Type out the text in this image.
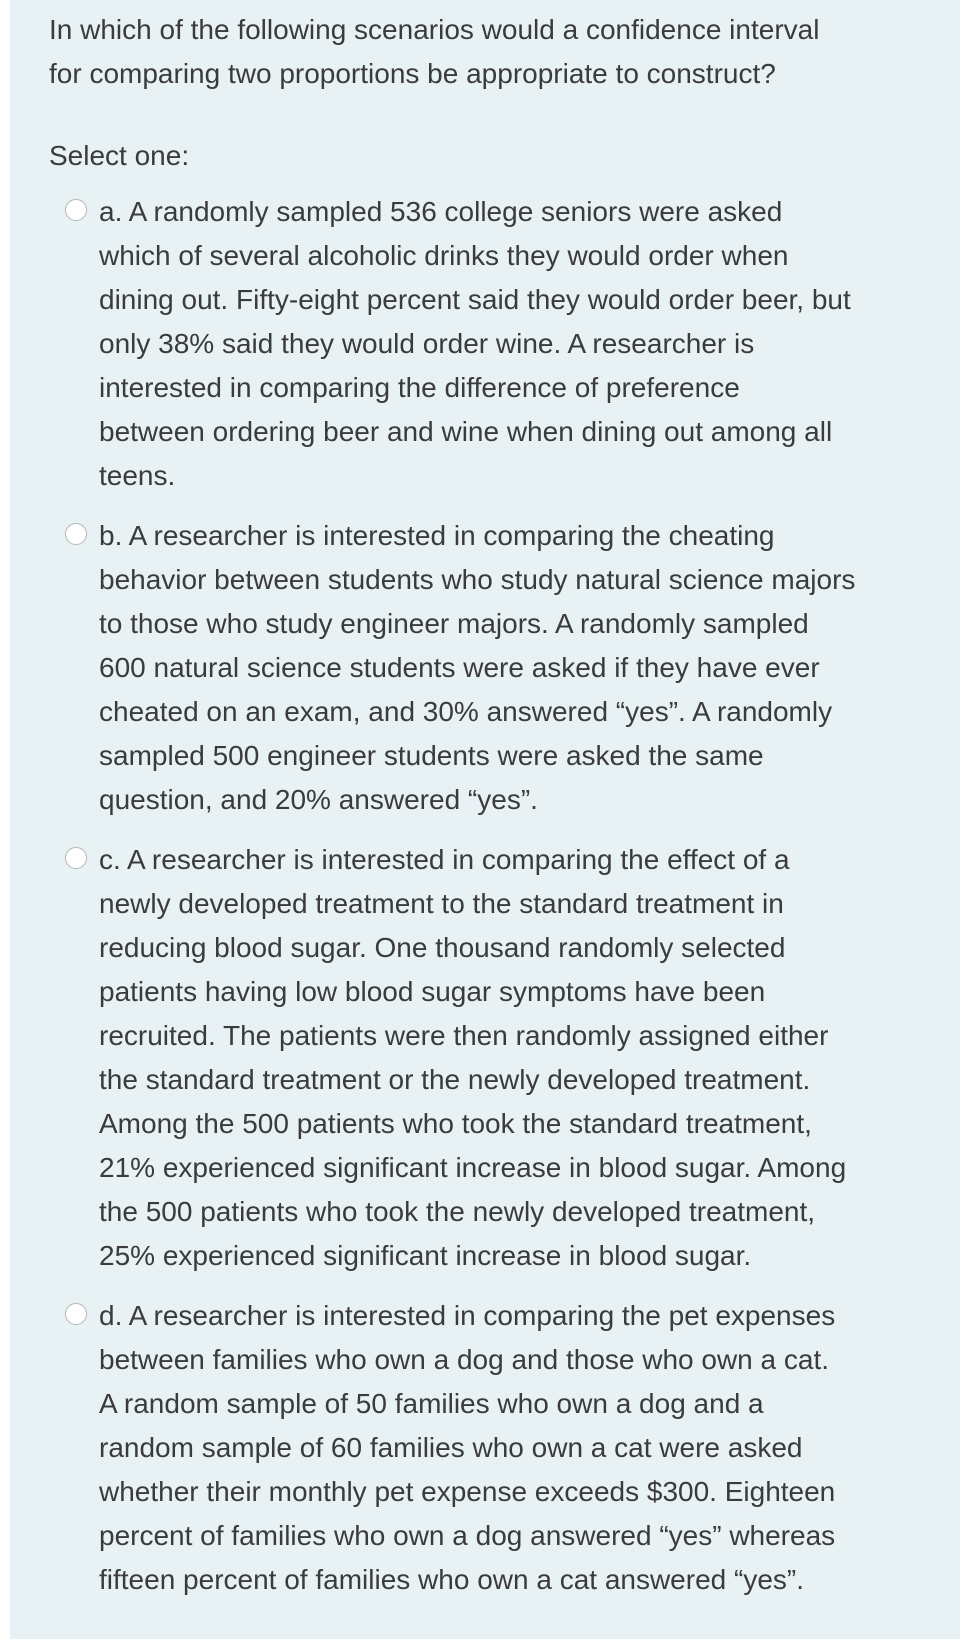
In which of the following scenarios would a confidence interval
for comparing two proportions be appropriate to construct?

Select one:

a. A randomly sampled 536 college seniors were asked
which of several alcoholic drinks they would order when
dining out. Fifty-eight percent said they would order beer, but
only 38% said they would order wine. A researcher is
interested in comparing the difference of preference
between ordering beer and wine when dining out among all
teens.
b. A researcher is interested in comparing the cheating
behavior between students who study natural science majors
to those who study engineer majors. A randomly sampled
600 natural science students were asked if they have ever
cheated on an exam, and 30% answered “yes”. A randomly
sampled 500 engineer students were asked the same
question, and 20% answered “yes”.
c. A researcher is interested in comparing the effect of a
newly developed treatment to the standard treatment in
reducing blood sugar. One thousand randomly selected
patients having low blood sugar symptoms have been
recruited. The patients were then randomly assigned either
the standard treatment or the newly developed treatment.
Among the 500 patients who took the standard treatment,
21% experienced significant increase in blood sugar. Among
the 500 patients who took the newly developed treatment,
25% experienced significant increase in blood sugar.
d. A researcher is interested in comparing the pet expenses
between families who own a dog and those who own a cat.
A random sample of 50 families who own a dog and a
random sample of 60 families who own a cat were asked
whether their monthly pet expense exceeds $300. Eighteen
percent of families who own a dog answered “yes” whereas
fifteen percent of families who own a cat answered “yes”.
